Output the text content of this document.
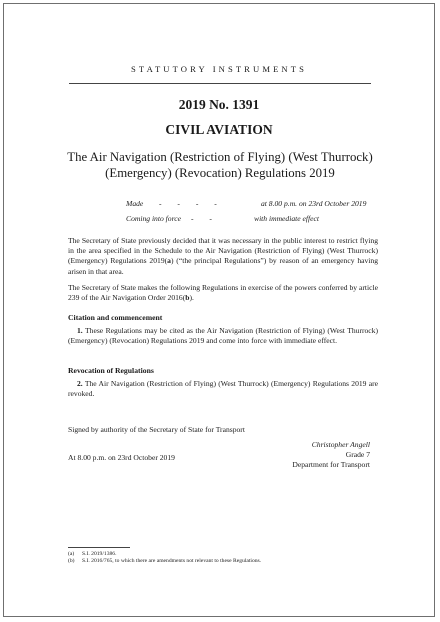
STATUTORY INSTRUMENTS
2019 No. 1391
CIVIL AVIATION
The Air Navigation (Restriction of Flying) (West Thurrock) (Emergency) (Revocation) Regulations 2019
Made - - - -	at 8.00 p.m. on 23rd October 2019
Coming into force - -	with immediate effect
The Secretary of State previously decided that it was necessary in the public interest to restrict flying in the area specified in the Schedule to the Air Navigation (Restriction of Flying) (West Thurrock) (Emergency) Regulations 2019(a) (“the principal Regulations”) by reason of an emergency having arisen in that area.
The Secretary of State makes the following Regulations in exercise of the powers conferred by article 239 of the Air Navigation Order 2016(b).
Citation and commencement
1. These Regulations may be cited as the Air Navigation (Restriction of Flying) (West Thurrock) (Emergency) (Revocation) Regulations 2019 and come into force with immediate effect.
Revocation of Regulations
2. The Air Navigation (Restriction of Flying) (West Thurrock) (Emergency) Regulations 2019 are revoked.
Signed by authority of the Secretary of State for Transport
Christopher Angell
Grade 7
Department for Transport
At 8.00 p.m. on 23rd October 2019
(a) S.I. 2019/1386.
(b) S.I. 2016/765, to which there are amendments not relevant to these Regulations.
